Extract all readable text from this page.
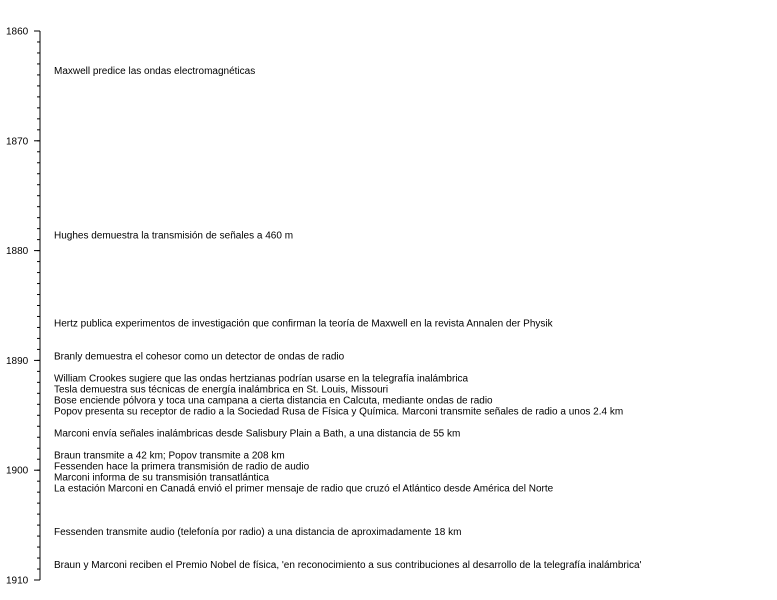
1860
1870
1880
1890
1900
1910
Maxwell predice las ondas electromagnéticas
Hughes demuestra la transmisión de señales a 460 m
Hertz publica experimentos de investigación que confirman la teoría de Maxwell en la revista Annalen der Physik
Branly demuestra el cohesor como un detector de ondas de radio
William Crookes sugiere que las ondas hertzianas podrían usarse en la telegrafía inalámbrica
Tesla demuestra sus técnicas de energía inalámbrica en St. Louis, Missouri
Bose enciende pólvora y toca una campana a cierta distancia en Calcuta, mediante ondas de radio
Popov presenta su receptor de radio a la Sociedad Rusa de Física y Química. Marconi transmite señales de radio a unos 2.4 km
Marconi envía señales inalámbricas desde Salisbury Plain a Bath, a una distancia de 55 km
Braun transmite a 42 km; Popov transmite a 208 km
Fessenden hace la primera transmisión de radio de audio
Marconi informa de su transmisión transatlántica
La estación Marconi en Canadá envió el primer mensaje de radio que cruzó el Atlántico desde América del Norte
Fessenden transmite audio (telefonía por radio) a una distancia de aproximadamente 18 km
Braun y Marconi reciben el Premio Nobel de física, 'en reconocimiento a sus contribuciones al desarrollo de la telegrafía inalámbrica'
